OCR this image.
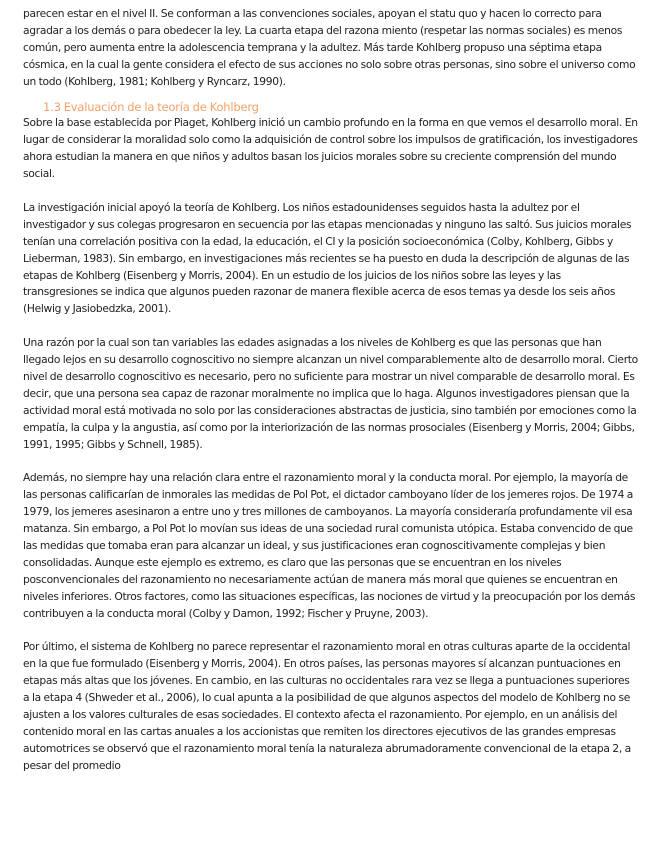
parecen estar en el nivel II. Se conforman a las convenciones sociales, apoyan el statu quo y hacen lo correcto para agradar a los demás o para obedecer la ley. La cuarta etapa del razona miento (respetar las normas sociales) es menos común, pero aumenta entre la adolescencia temprana y la adultez. Más tarde Kohlberg propuso una séptima etapa cósmica, en la cual la gente considera el efecto de sus acciones no solo sobre otras personas, sino sobre el universo como un todo (Kohlberg, 1981; Kohlberg y Ryncarz, 1990).

1.3 Evaluación de la teoría de Kohlberg

Sobre la base establecida por Piaget, Kohlberg inició un cambio profundo en la forma en que vemos el desarrollo moral. En lugar de considerar la moralidad solo como la adquisición de control sobre los impulsos de gratificación, los investigadores ahora estudian la manera en que niños y adultos basan los juicios morales sobre su creciente comprensión del mundo social.

La investigación inicial apoyó la teoría de Kohlberg. Los niños estadounidenses seguidos hasta la adultez por el investigador y sus colegas progresaron en secuencia por las etapas mencionadas y ninguno las saltó. Sus juicios morales tenían una correlación positiva con la edad, la educación, el CI y la posición socioeconómica (Colby, Kohlberg, Gibbs y Lieberman, 1983). Sin embargo, en investigaciones más recientes se ha puesto en duda la descripción de algunas de las etapas de Kohlberg (Eisenberg y Morris, 2004). En un estudio de los juicios de los niños sobre las leyes y las transgresiones se indica que algunos pueden razonar de manera flexible acerca de esos temas ya desde los seis años (Helwig y Jasiobedzka, 2001).

Una razón por la cual son tan variables las edades asignadas a los niveles de Kohlberg es que las personas que han llegado lejos en su desarrollo cognoscitivo no siempre alcanzan un nivel comparablemente alto de desarrollo moral. Cierto nivel de desarrollo cognoscitivo es necesario, pero no suficiente para mostrar un nivel comparable de desarrollo moral. Es decir, que una persona sea capaz de razonar moralmente no implica que lo haga. Algunos investigadores piensan que la actividad moral está motivada no solo por las consideraciones abstractas de justicia, sino también por emociones como la empatía, la culpa y la angustia, así como por la interiorización de las normas prosociales (Eisenberg y Morris, 2004; Gibbs, 1991, 1995; Gibbs y Schnell, 1985).

Además, no siempre hay una relación clara entre el razonamiento moral y la conducta moral. Por ejemplo, la mayoría de las personas calificarían de inmorales las medidas de Pol Pot, el dictador camboyano líder de los jemeres rojos. De 1974 a 1979, los jemeres asesinaron a entre uno y tres millones de camboyanos. La mayoría consideraría profundamente vil esa matanza. Sin embargo, a Pol Pot lo movían sus ideas de una sociedad rural comunista utópica. Estaba convencido de que las medidas que tomaba eran para alcanzar un ideal, y sus justificaciones eran cognoscitivamente complejas y bien consolidadas. Aunque este ejemplo es extremo, es claro que las personas que se encuentran en los niveles posconvencionales del razonamiento no necesariamente actúan de manera más moral que quienes se encuentran en niveles inferiores. Otros factores, como las situaciones específicas, las nociones de virtud y la preocupación por los demás contribuyen a la conducta moral (Colby y Damon, 1992; Fischer y Pruyne, 2003).

Por último, el sistema de Kohlberg no parece representar el razonamiento moral en otras culturas aparte de la occidental en la que fue formulado (Eisenberg y Morris, 2004). En otros países, las personas mayores sí alcanzan puntuaciones en etapas más altas que los jóvenes. En cambio, en las culturas no occidentales rara vez se llega a puntuaciones superiores a la etapa 4 (Shweder et al., 2006), lo cual apunta a la posibilidad de que algunos aspectos del modelo de Kohlberg no se ajusten a los valores culturales de esas sociedades. El contexto afecta el razonamiento. Por ejemplo, en un análisis del contenido moral en las cartas anuales a los accionistas que remiten los directores ejecutivos de las grandes empresas automotrices se observó que el razonamiento moral tenía la naturaleza abrumadoramente convencional de la etapa 2, a pesar del promedio
